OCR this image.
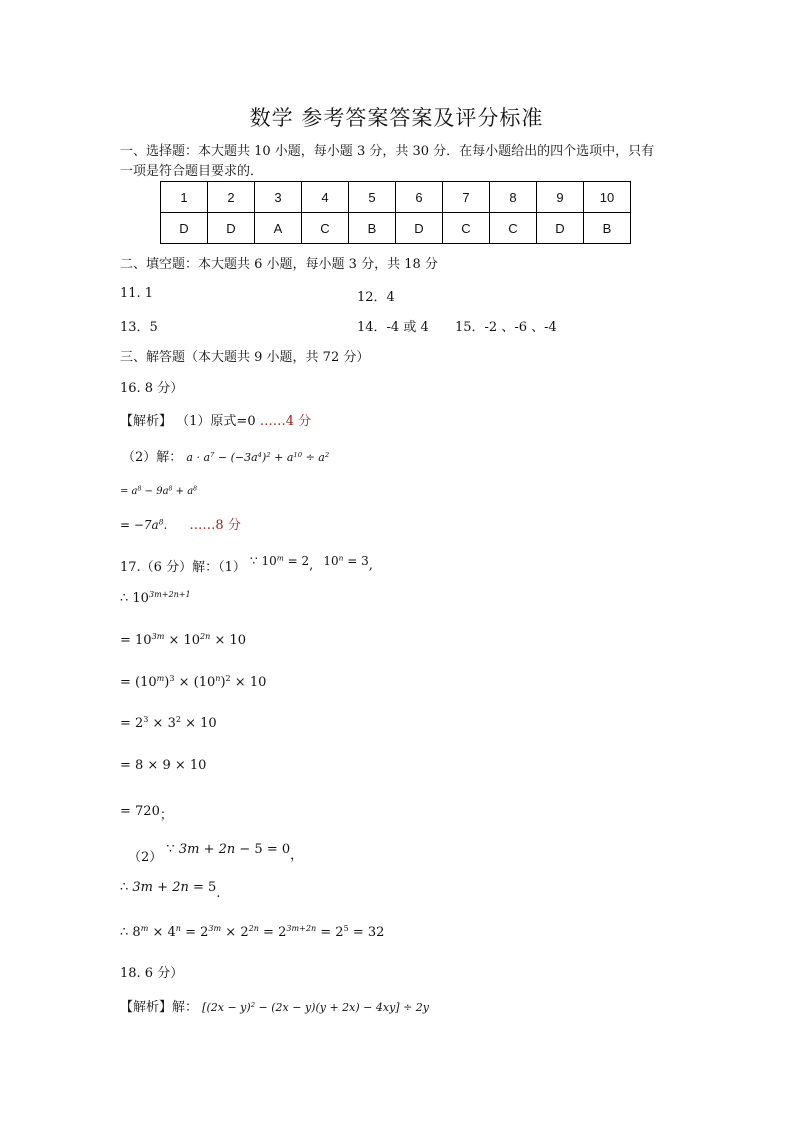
数学 参考答案答案及评分标准
一、选择题：本大题共 10 小题，每小题 3 分，共 30 分．在每小题给出的四个选项中，只有
一项是符合题目要求的．
1	2	3	4	5	6	7	8	9	10
D	D	A	C	B	D	C	C	D	B
二、填空题：本大题共 6 小题，每小题 3 分，共 18 分
11. 1	12．4
13．5	14．-4 或 4 15．-2 、-6 、-4
三、解答题（本大题共 9 小题，共 72 分）
16. 8 分）
【解析】 （1）原式=0 ……4 分
（2）解： $a \cdot a^7 - (-3a^4)^2 + a^{10} \div a^2$
= $a^8 - 9a^8 + a^8$
= $-7a^8$. ……8 分
17.（6 分）解：（1） ∵ $10^m = 2$, $10^n = 3$,
∴ $10^{3m+2n+1}$
= $10^{3m} \times 10^{2n} \times 10$
= $(10^m)^3 \times (10^n)^2 \times 10$
= $2^3 \times 3^2 \times 10$
= 8 × 9 × 10
= 720；
（2） ∵ 3m + 2n − 5 = 0，
∴ 3m + 2n = 5.
∴ $8^m \times 4^n = 2^{3m} \times 2^{2n} = 2^{3m+2n} = 2^5 = 32$
18. 6 分）
【解析】解： $[(2x - y)^2 - (2x - y)(y + 2x) - 4xy] \div 2y$
